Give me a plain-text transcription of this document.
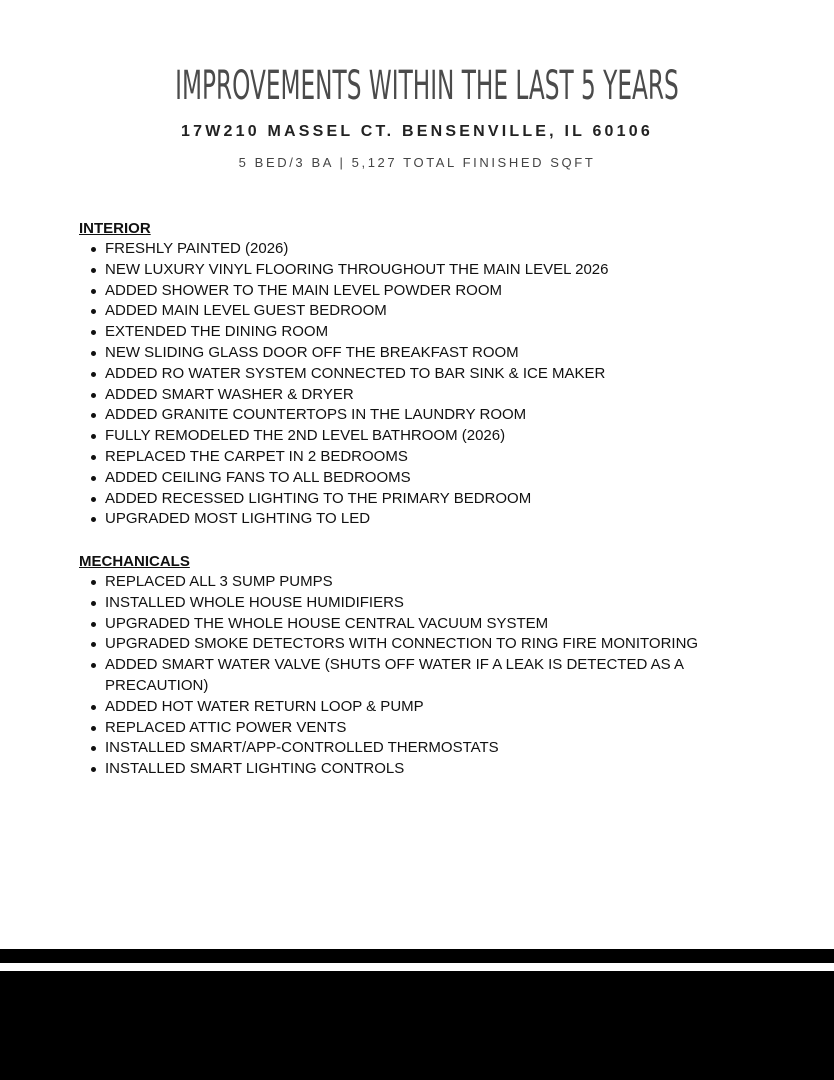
IMPROVEMENTS WITHIN THE LAST 5 YEARS
17W210 MASSEL CT. BENSENVILLE, IL 60106
5 BED/3 BA | 5,127 TOTAL FINISHED SQFT
INTERIOR
FRESHLY PAINTED (2026)
NEW LUXURY VINYL FLOORING THROUGHOUT THE MAIN LEVEL 2026
ADDED SHOWER TO THE MAIN LEVEL POWDER ROOM
ADDED MAIN LEVEL GUEST BEDROOM
EXTENDED THE DINING ROOM
NEW SLIDING GLASS DOOR OFF THE BREAKFAST ROOM
ADDED RO WATER SYSTEM CONNECTED TO BAR SINK & ICE MAKER
ADDED SMART WASHER & DRYER
ADDED GRANITE COUNTERTOPS IN THE LAUNDRY ROOM
FULLY REMODELED THE 2ND LEVEL BATHROOM (2026)
REPLACED THE CARPET IN 2 BEDROOMS
ADDED CEILING FANS TO ALL BEDROOMS
ADDED RECESSED LIGHTING TO THE PRIMARY BEDROOM
UPGRADED MOST LIGHTING TO LED
MECHANICALS
REPLACED ALL 3 SUMP PUMPS
INSTALLED WHOLE HOUSE HUMIDIFIERS
UPGRADED THE WHOLE HOUSE CENTRAL VACUUM SYSTEM
UPGRADED SMOKE DETECTORS WITH CONNECTION TO RING FIRE MONITORING
ADDED SMART WATER VALVE (SHUTS OFF WATER IF A LEAK IS DETECTED AS A PRECAUTION)
ADDED HOT WATER RETURN LOOP & PUMP
REPLACED ATTIC POWER VENTS
INSTALLED SMART/APP-CONTROLLED THERMOSTATS
INSTALLED SMART LIGHTING CONTROLS
